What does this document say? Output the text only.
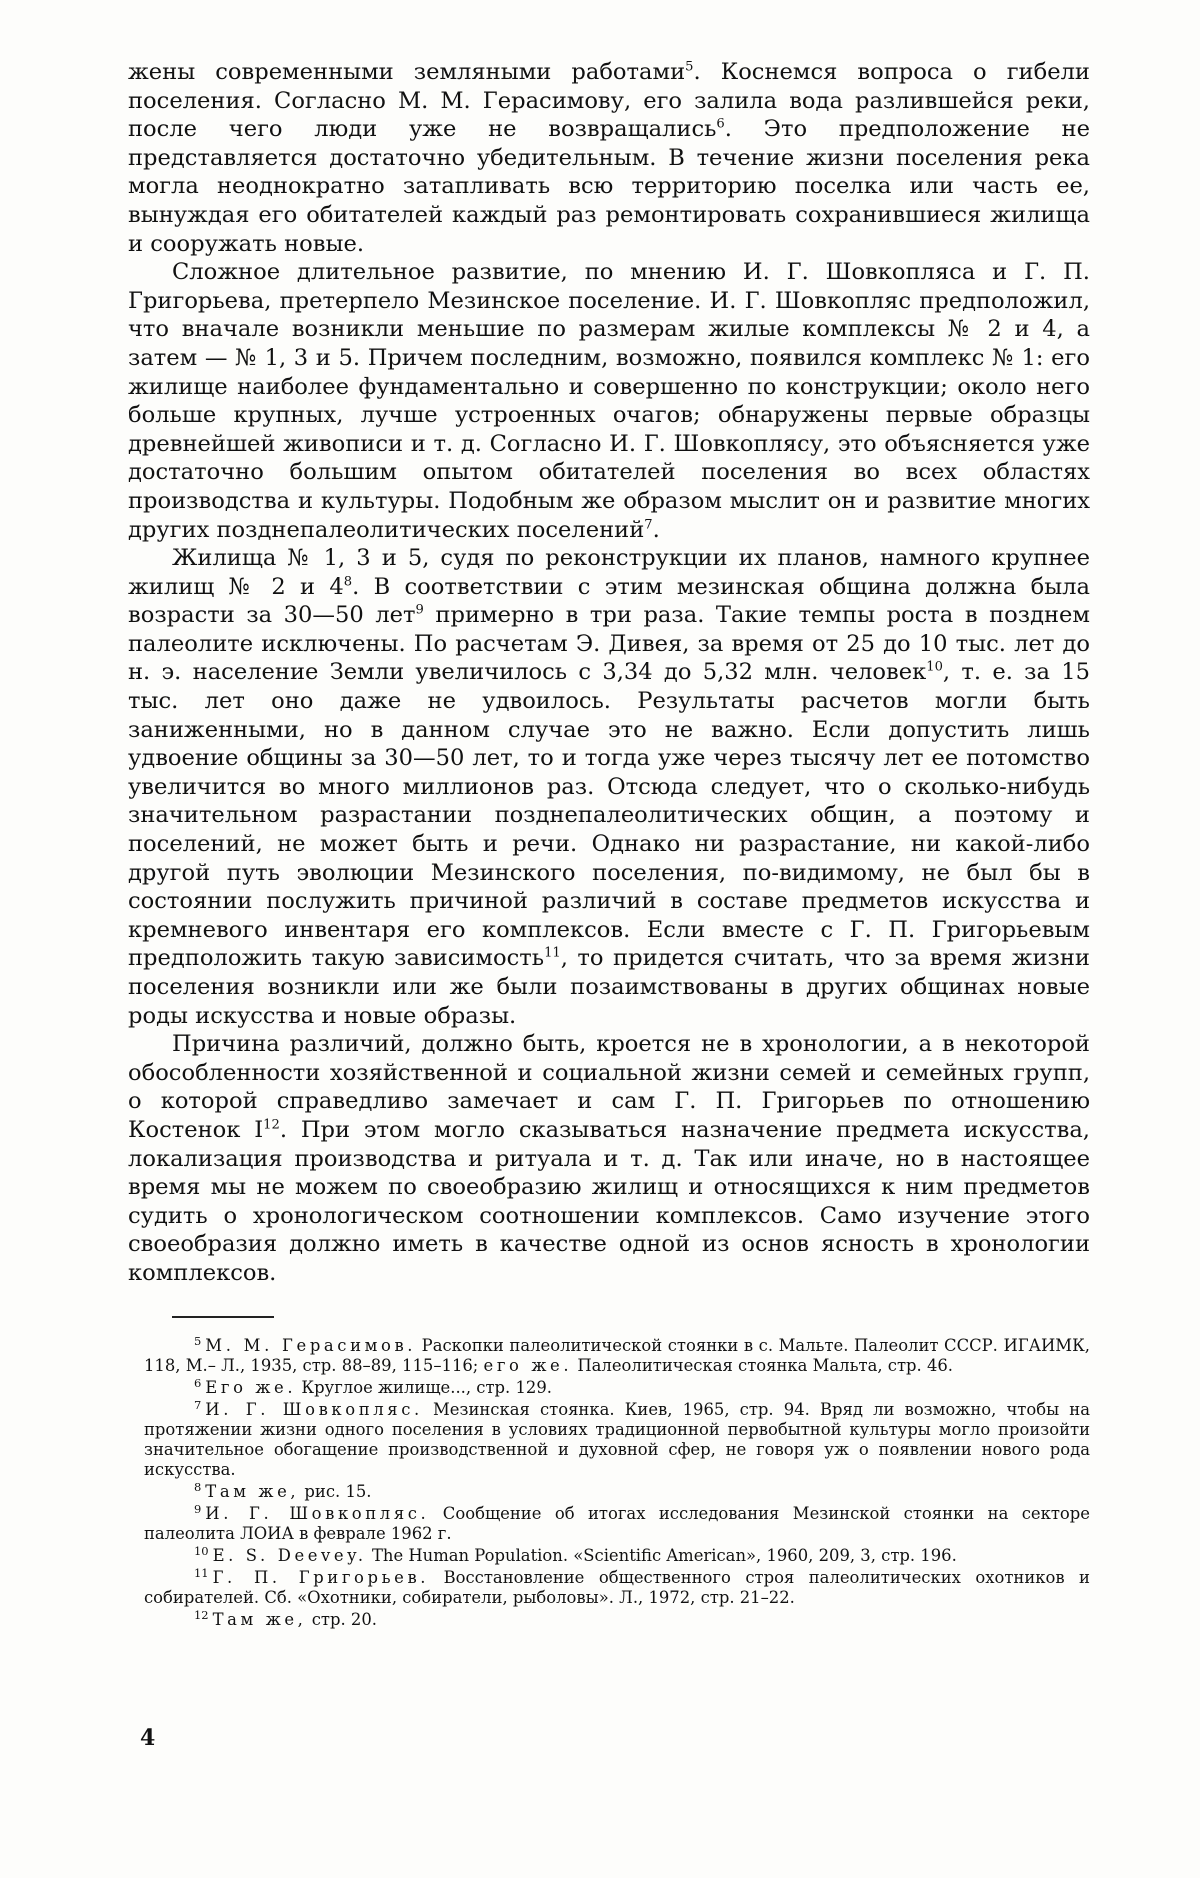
жены современными земляными работами$^5$. Коснемся вопроса о гибели поселения. Согласно М. М. Герасимову, его залила вода разлившейся реки, после чего люди уже не возвращались$^6$. Это предположение не представляется достаточно убедительным. В течение жизни поселения река могла неоднократно затапливать всю территорию поселка или часть ее, вынуждая его обитателей каждый раз ремонтировать сохранившиеся жилища и сооружать новые.

Сложное длительное развитие, по мнению И. Г. Шовкопляса и Г. П. Григорьева, претерпело Мезинское поселение. И. Г. Шовкопляс предположил, что вначале возникли меньшие по размерам жилые комплексы № 2 и 4, а затем — № 1, 3 и 5. Причем последним, возможно, появился комплекс № 1: его жилище наиболее фундаментально и совершенно по конструкции; около него больше крупных, лучше устроенных очагов; обнаружены первые образцы древнейшей живописи и т. д. Согласно И. Г. Шовкоплясу, это объясняется уже достаточно большим опытом обитателей поселения во всех областях производства и культуры. Подобным же образом мыслит он и развитие многих других позднепалеолитических поселений$^7$.

Жилища № 1, 3 и 5, судя по реконструкции их планов, намного крупнее жилищ № 2 и $4^8$. В соответствии с этим мезинская община должна была возрасти за 30—50 лет$^9$ примерно в три раза. Такие темпы роста в позднем палеолите исключены. По расчетам Э. Дивея, за время от 25 до 10 тыс. лет до н. э. население Земли увеличилось с 3,34 до 5,32 млн. человек$^{10}$, т. е. за 15 тыс. лет оно даже не удвоилось. Результаты расчетов могли быть заниженными, но в данном случае это не важно. Если допустить лишь удвоение общины за 30—50 лет, то и тогда уже через тысячу лет ее потомство увеличится во много миллионов раз. Отсюда следует, что о сколько-нибудь значительном разрастании позднепалеолитических общин, а поэтому и поселений, не может быть и речи. Однако ни разрастание, ни какой-либо другой путь эволюции Мезинского поселения, по-видимому, не был бы в состоянии послужить причиной различий в составе предметов искусства и кремневого инвентаря его комплексов. Если вместе с Г. П. Григорьевым предположить такую зависимость$^{11}$, то придется считать, что за время жизни поселения возникли или же были позаимствованы в других общинах новые роды искусства и новые образы.

Причина различий, должно быть, кроется не в хронологии, а в некоторой обособленности хозяйственной и социальной жизни семей и семейных групп, о которой справедливо замечает и сам Г. П. Григорьев по отношению Костенок $I^{12}$. При этом могло сказываться назначение предмета искусства, локализация производства и ритуала и т. д. Так или иначе, но в настоящее время мы не можем по своеобразию жилищ и относящихся к ним предметов судить о хронологическом соотношении комплексов. Само изучение этого своеобразия должно иметь в качестве одной из основ ясность в хронологии комплексов.

$^5$ М. М. Герасимов. Раскопки палеолитической стоянки в с. Мальте. Палеолит СССР. ИГАИМК, 118, М.– Л., 1935, стр. 88–89, 115–116; его же. Палеолитическая стоянка Мальта, стр. 46.

$^6$ Его же. Круглое жилище..., стр. 129.

$^7$ И. Г. Шовкопляс. Мезинская стоянка. Киев, 1965, стр. 94. Вряд ли возможно, чтобы на протяжении жизни одного поселения в условиях традиционной первобытной культуры могло произойти значительное обогащение производственной и духовной сфер, не говоря уж о появлении нового рода искусства.

$^8$ Там же, рис. 15.

$^9$ И. Г. Шовкопляс. Сообщение об итогах исследования Мезинской стоянки на секторе палеолита ЛОИА в феврале 1962 г.

$^{10}$ E. S. Deevey. The Human Population. «Scientific American», 1960, 209, 3, стр. 196.

$^{11}$ Г. П. Григорьев. Восстановление общественного строя палеолитических охотников и собирателей. Сб. «Охотники, собиратели, рыболовы». Л., 1972, стр. 21–22.

$^{12}$ Там же, стр. 20.

4
